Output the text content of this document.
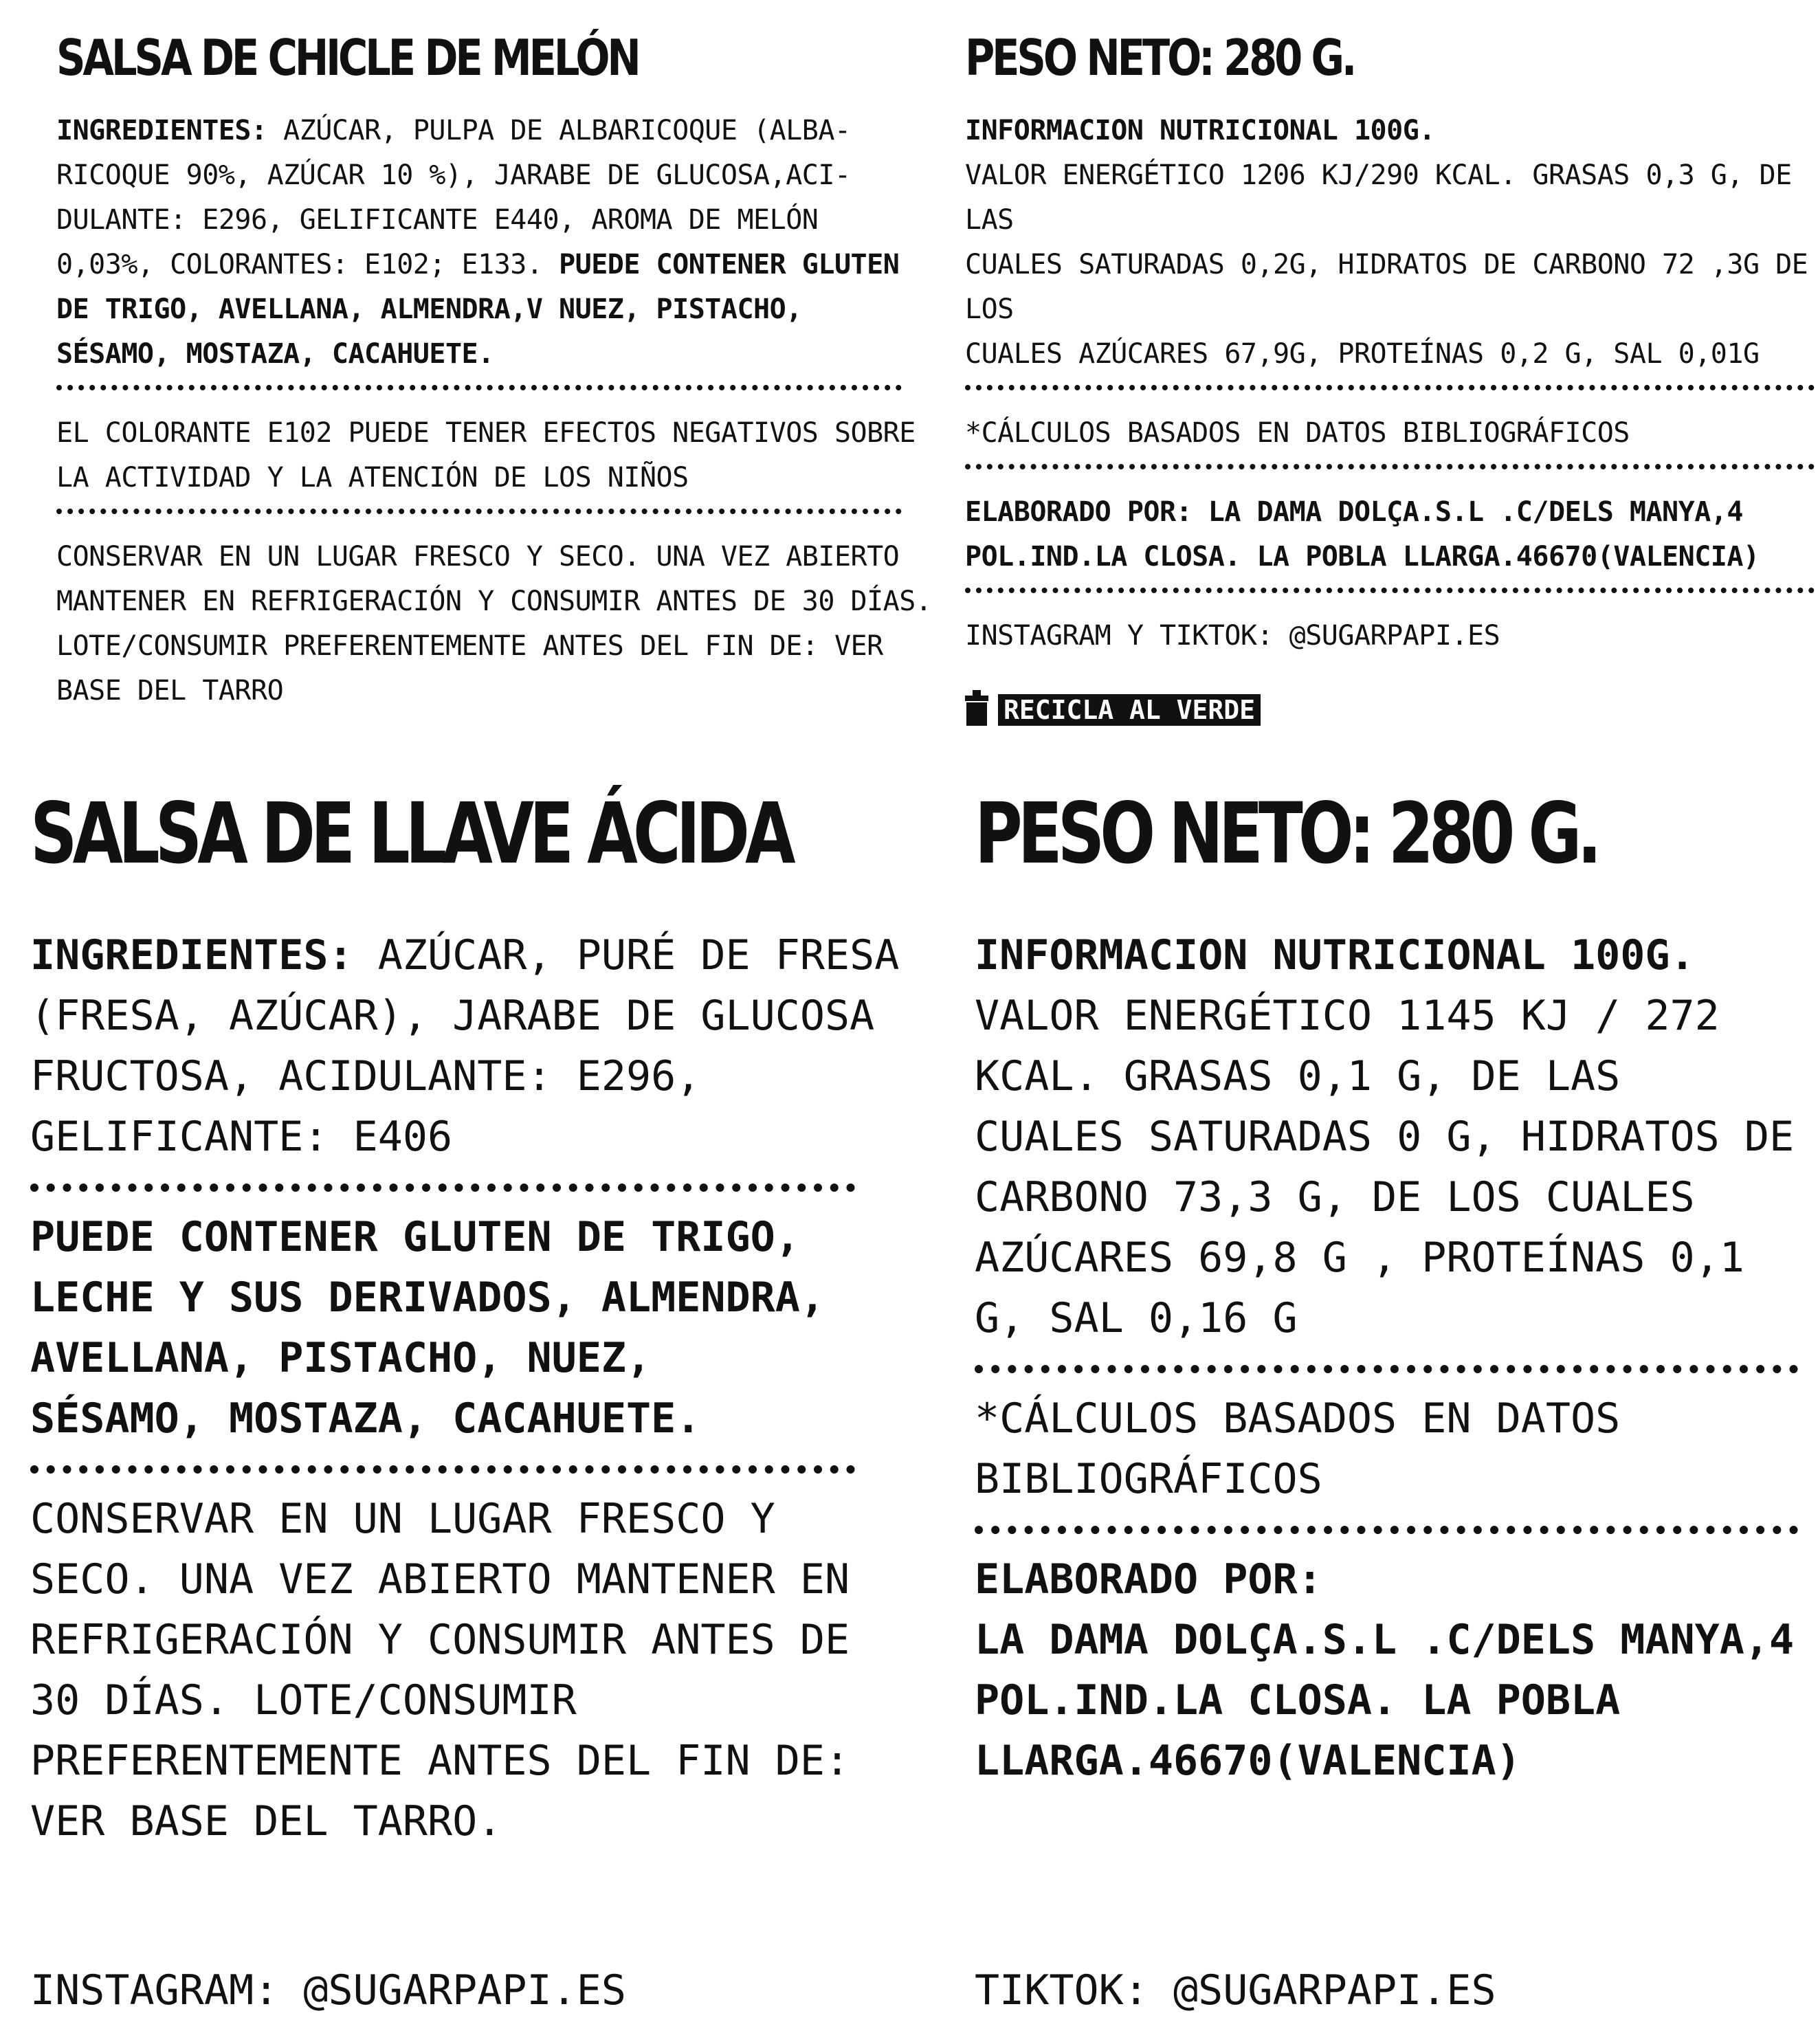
SALSA DE CHICLE DE MELÓN

INGREDIENTES: AZÚCAR, PULPA DE ALBARICOQUE (ALBA-
RICOQUE 90%, AZÚCAR 10 %), JARABE DE GLUCOSA,ACI-
DULANTE: E296, GELIFICANTE E440, AROMA DE MELÓN
0,03%, COLORANTES: E102; E133. PUEDE CONTENER GLUTEN
DE TRIGO, AVELLANA, ALMENDRA,V NUEZ, PISTACHO,
SÉSAMO, MOSTAZA, CACAHUETE.

EL COLORANTE E102 PUEDE TENER EFECTOS NEGATIVOS SOBRE
LA ACTIVIDAD Y LA ATENCIÓN DE LOS NIÑOS

CONSERVAR EN UN LUGAR FRESCO Y SECO. UNA VEZ ABIERTO
MANTENER EN REFRIGERACIÓN Y CONSUMIR ANTES DE 30 DÍAS.
LOTE/CONSUMIR PREFERENTEMENTE ANTES DEL FIN DE: VER
BASE DEL TARRO

PESO NETO: 280 G.

INFORMACION NUTRICIONAL 100G.
VALOR ENERGÉTICO 1206 KJ/290 KCAL. GRASAS 0,3 G, DE LAS
CUALES SATURADAS 0,2G, HIDRATOS DE CARBONO 72 ,3G DE LOS
CUALES AZÚCARES 67,9G, PROTEÍNAS 0,2 G, SAL 0,01G

*CÁLCULOS BASADOS EN DATOS BIBLIOGRÁFICOS

ELABORADO POR: LA DAMA DOLÇA.S.L .C/DELS MANYA,4
POL.IND.LA CLOSA. LA POBLA LLARGA.46670(VALENCIA)

INSTAGRAM Y TIKTOK: @SUGARPAPI.ES

RECICLA AL VERDE
SALSA DE LLAVE ÁCIDA

INGREDIENTES: AZÚCAR, PURÉ DE FRESA
(FRESA, AZÚCAR), JARABE DE GLUCOSA
FRUCTOSA, ACIDULANTE: E296,
GELIFICANTE: E406

PUEDE CONTENER GLUTEN DE TRIGO,
LECHE Y SUS DERIVADOS, ALMENDRA,
AVELLANA, PISTACHO, NUEZ,
SÉSAMO, MOSTAZA, CACAHUETE.

CONSERVAR EN UN LUGAR FRESCO Y
SECO. UNA VEZ ABIERTO MANTENER EN
REFRIGERACIÓN Y CONSUMIR ANTES DE
30 DÍAS. LOTE/CONSUMIR
PREFERENTEMENTE ANTES DEL FIN DE:
VER BASE DEL TARRO.

INSTAGRAM: @SUGARPAPI.ES

PESO NETO: 280 G.

INFORMACION NUTRICIONAL 100G.
VALOR ENERGÉTICO 1145 KJ / 272
KCAL. GRASAS 0,1 G, DE LAS
CUALES SATURADAS 0 G, HIDRATOS DE
CARBONO 73,3 G, DE LOS CUALES
AZÚCARES 69,8 G , PROTEÍNAS 0,1
G, SAL 0,16 G

*CÁLCULOS BASADOS EN DATOS
BIBLIOGRÁFICOS

ELABORADO POR:
LA DAMA DOLÇA.S.L .C/DELS MANYA,4
POL.IND.LA CLOSA. LA POBLA
LLARGA.46670(VALENCIA)

TIKTOK: @SUGARPAPI.ES
